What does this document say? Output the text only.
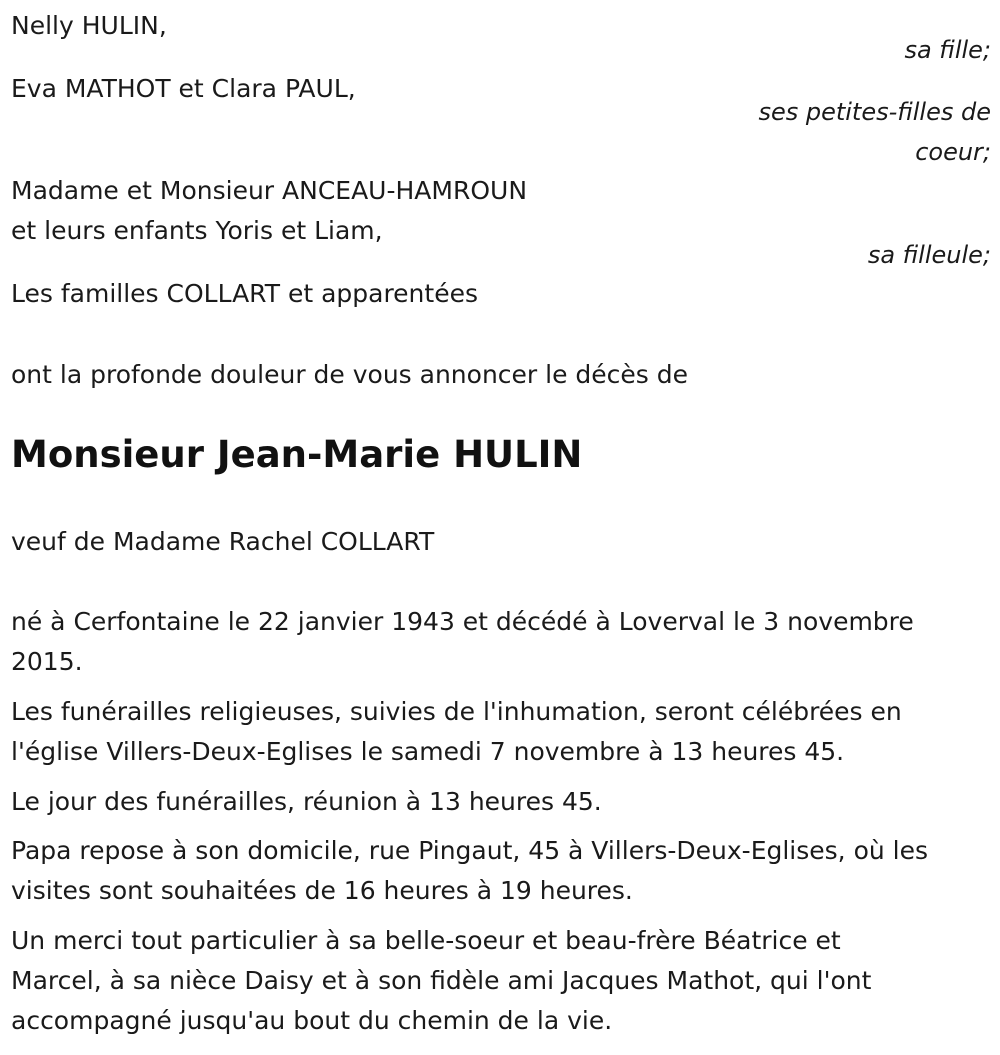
Nelly HULIN,

sa fille;

Eva MATHOT et Clara PAUL,

ses petites-filles de

coeur;

Madame et Monsieur ANCEAU-HAMROUN

et leurs enfants Yoris et Liam,

sa filleule;

Les familles COLLART et apparentées

ont la profonde douleur de vous annoncer le décès de

Monsieur Jean-Marie HULIN

veuf de Madame Rachel COLLART

né à Cerfontaine le 22 janvier 1943 et décédé à Loverval le 3 novembre

2015.

Les funérailles religieuses, suivies de l'inhumation, seront célébrées en

l'église Villers-Deux-Eglises le samedi 7 novembre à 13 heures 45.

Le jour des funérailles, réunion à 13 heures 45.

Papa repose à son domicile, rue Pingaut, 45 à Villers-Deux-Eglises, où les

visites sont souhaitées de 16 heures à 19 heures.

Un merci tout particulier à sa belle-soeur et beau-frère Béatrice et

Marcel, à sa nièce Daisy et à son fidèle ami Jacques Mathot, qui l'ont

accompagné jusqu'au bout du chemin de la vie.
